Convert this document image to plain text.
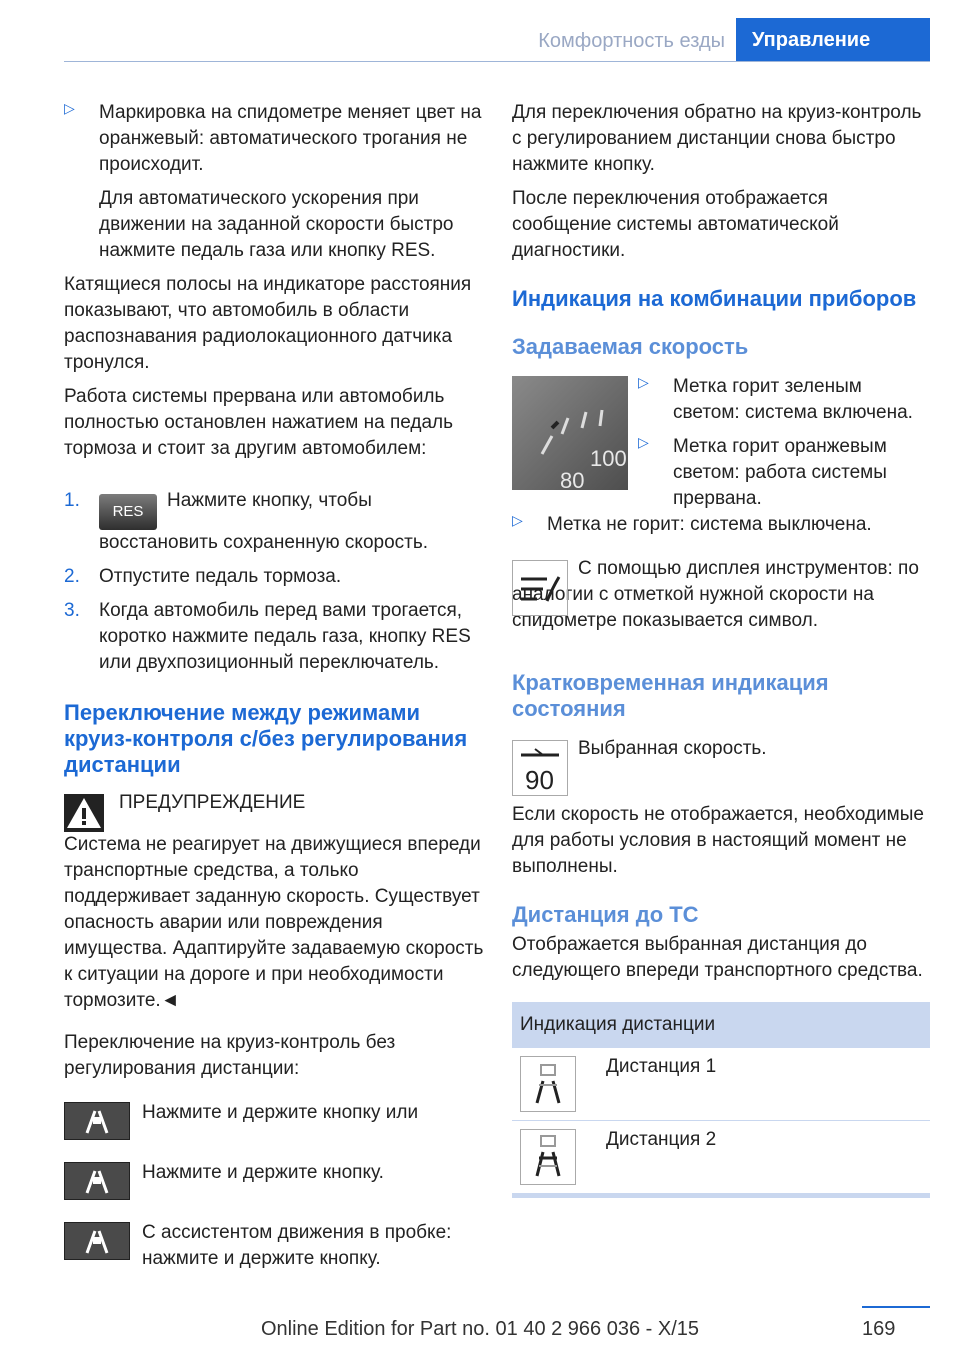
Комфортность езды	Управление
▷ Маркировка на спидометре меняет цвет на оранжевый: автоматического трогания не происходит.

Для автоматического ускорения при движении на заданной скорости быстро нажмите педаль газа или кнопку RES.

Катящиеся полосы на индикаторе расстояния показывают, что автомобиль в области распознавания радиолокационного датчика тронулся.

Работа системы прервана или автомобиль полностью остановлен нажатием на педаль тормоза и стоит за другим автомобилем:

1.
RESНажмите кнопку, чтобы восстановить сохраненную скорость.
2. Отпустите педаль тормоза.
3. Когда автомобиль перед вами трогается, коротко нажмите педаль газа, кнопку RES или двухпозиционный переключатель.
Переключение между режимами круиз-контроля с/без регулирования дистанции

ПРЕДУПРЕЖДЕНИЕ

Система не реагирует на движущиеся впереди транспортные средства, а только поддерживает заданную скорость. Существует опасность аварии или повреждения имущества. Адаптируйте задаваемую скорость к ситуации на дороге и при необходимости тормозите.◄

Переключение на круиз-контроль без регулирования дистанции:

Нажмите и держите кнопку или

Нажмите и держите кнопку.

С ассистентом движения в пробке: нажмите и держите кнопку.

Для переключения обратно на круиз-контроль с регулированием дистанции снова быстро нажмите кнопку.

После переключения отображается сообщение системы автоматической диагностики.

Индикация на комбинации приборов
Задаваемая скорость
100
80
▷ Метка горит зеленым светом: система включена.

▷ Метка горит оранжевым светом: работа системы прервана.

▷ Метка не горит: система выключена.

С помощью дисплея инструментов: по аналогии с отметкой нужной скорости на спидометре показывается символ.

Кратковременная индикация состояния
90

Выбранная скорость.

Если скорость не отображается, необходимые для работы условия в настоящий момент не выполнены.

Дистанция до ТС

Отображается выбранная дистанция до следующего впереди транспортного средства.

Индикация дистанции	

	Дистанция 1

	Дистанция 2
169
Online Edition for Part no. 01 40 2 966 036 - X/15
